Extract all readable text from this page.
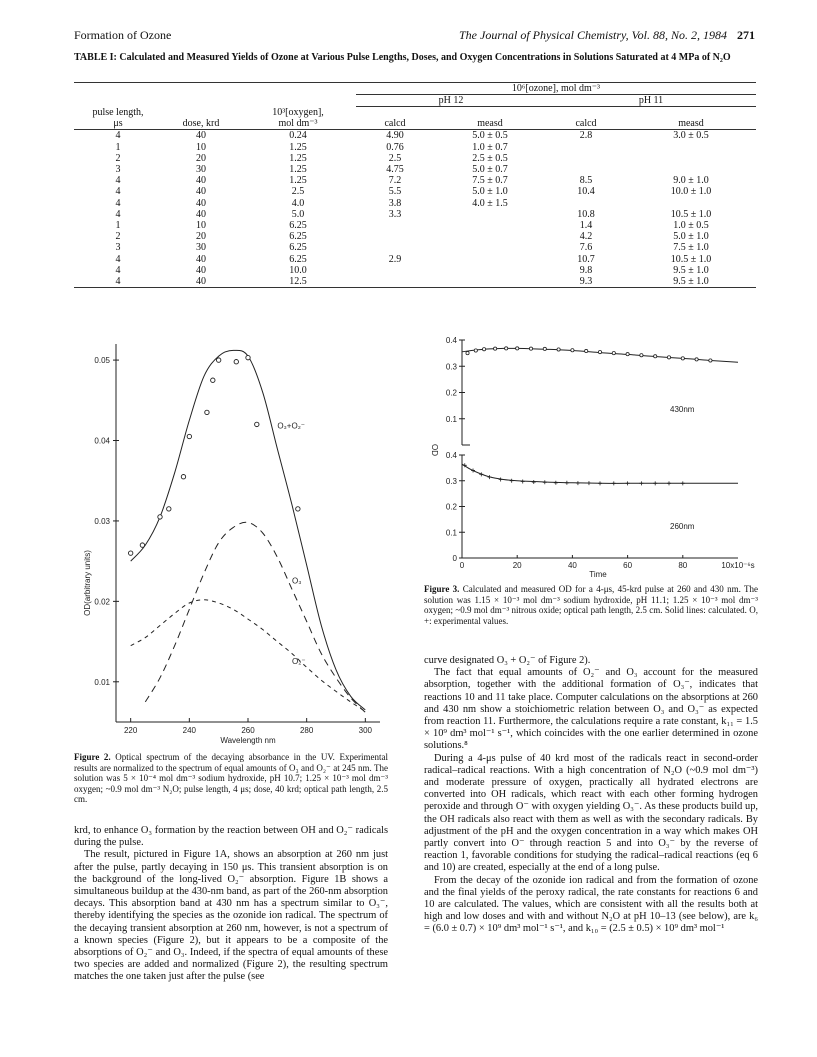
Formation of Ozone	The Journal of Physical Chemistry, Vol. 88, No. 2, 1984 271
TABLE I: Calculated and Measured Yields of Ozone at Various Pulse Lengths, Doses, and Oxygen Concentrations in Solutions Saturated at 4 MPa of N₂O
			10⁶[ozone], mol dm⁻³			
			pH 12		pH 11	
pulse length,		10³[oxygen],				
μs	dose, krd	mol dm⁻³	calcd	measd	calcd	measd
4	40	0.24	4.90	5.0 ± 0.5	2.8	3.0 ± 0.5
1	10	1.25	0.76	1.0 ± 0.7		
2	20	1.25	2.5	2.5 ± 0.5		
3	30	1.25	4.75	5.0 ± 0.7		
4	40	1.25	7.2	7.5 ± 0.7	8.5	9.0 ± 1.0
4	40	2.5	5.5	5.0 ± 1.0	10.4	10.0 ± 1.0
4	40	4.0	3.8	4.0 ± 1.5		
4	40	5.0	3.3		10.8	10.5 ± 1.0
1	10	6.25			1.4	1.0 ± 0.5
2	20	6.25			4.2	5.0 ± 1.0
3	30	6.25			7.6	7.5 ± 1.0
4	40	6.25	2.9		10.7	10.5 ± 1.0
4	40	10.0			9.8	9.5 ± 1.0
4	40	12.5			9.3	9.5 ± 1.0
0.01
0.02
0.03
0.04
0.05
220	240	260	280	300
Wavelength nm
OD(arbitrary units)
O₃+O₂⁻
O₃
O₂⁻
Figure 2. Optical spectrum of the decaying absorbance in the UV. Experimental results are normalized to the spectrum of equal amounts of O₃ and O₂⁻ at 245 nm. The solution was 5 × 10⁻⁴ mol dm⁻³ sodium hydroxide, pH 10.7; 1.25 × 10⁻³ mol dm⁻³ oxygen; ~0.9 mol dm⁻³ N₂O; pulse length, 4 μs; dose, 40 krd; optical path length, 2.5 cm.
0.1
0.2
0.3
0.4
430nm
0
0.1
0.2
0.3
0.4
260nm
0	20	40	60	80	10x10⁻⁶s
Time
OD
Figure 3. Calculated and measured OD for a 4-μs, 45-krd pulse at 260 and 430 nm. The solution was 1.15 × 10⁻³ mol dm⁻³ sodium hydroxide, pH 11.1; 1.25 × 10⁻³ mol dm⁻³ oxygen; ~0.9 mol dm⁻³ nitrous oxide; optical path length, 2.5 cm. Solid lines: calculated. O, +: experimental values.

krd, to enhance O₃ formation by the reaction between OH and O₂⁻ radicals during the pulse.

The result, pictured in Figure 1A, shows an absorption at 260 nm just after the pulse, partly decaying in 150 μs. This transient absorption is on the background of the long-lived O₂⁻ absorption. Figure 1B shows a simultaneous buildup at the 430-nm band, as part of the 260-nm absorption decays. This absorption band at 430 nm has a spectrum similar to O₃⁻, thereby identifying the species as the ozonide ion radical. The spectrum of the decaying transient absorption at 260 nm, however, is not a spectrum of a known species (Figure 2), but it appears to be a composite of the absorptions of O₂⁻ and O₃. Indeed, if the spectra of equal amounts of these two species are added and normalized (Figure 2), the resulting spectrum matches the one taken just after the pulse (see

curve designated O₃ + O₂⁻ of Figure 2).

The fact that equal amounts of O₂⁻ and O₃ account for the measured absorption, together with the additional formation of O₃⁻, indicates that reactions 10 and 11 take place. Computer calculations on the absorptions at 260 and 430 nm show a stoichiometric relation between O₃ and O₃⁻ as expected from reaction 11. Furthermore, the calculations require a rate constant, k₁₁ = 1.5 × 10⁹ dm³ mol⁻¹ s⁻¹, which coincides with the one earlier determined in ozone solutions.⁸

During a 4-μs pulse of 40 krd most of the radicals react in second-order radical–radical reactions. With a high concentration of N₂O (~0.9 mol dm⁻³) and moderate pressure of oxygen, practically all hydrated electrons are converted into OH radicals, which react with each other forming hydrogen peroxide and through O⁻ with oxygen yielding O₃⁻. As these products build up, the OH radicals also react with them as well as with the secondary radicals. By adjustment of the pH and the oxygen concentration in a way which makes OH partly convert into O⁻ through reaction 5 and into O₃⁻ by the reverse of reaction 1, favorable conditions for studying the radical–radical reactions (eq 6 and 10) are created, especially at the end of a long pulse.

From the decay of the ozonide ion radical and from the formation of ozone and the final yields of the peroxy radical, the rate constants for reactions 6 and 10 are calculated. The values, which are consistent with all the results both at high and low doses and with and without N₂O at pH 10–13 (see below), are k₆ = (6.0 ± 0.7) × 10⁹ dm³ mol⁻¹ s⁻¹, and k₁₀ = (2.5 ± 0.5) × 10⁹ dm³ mol⁻¹
